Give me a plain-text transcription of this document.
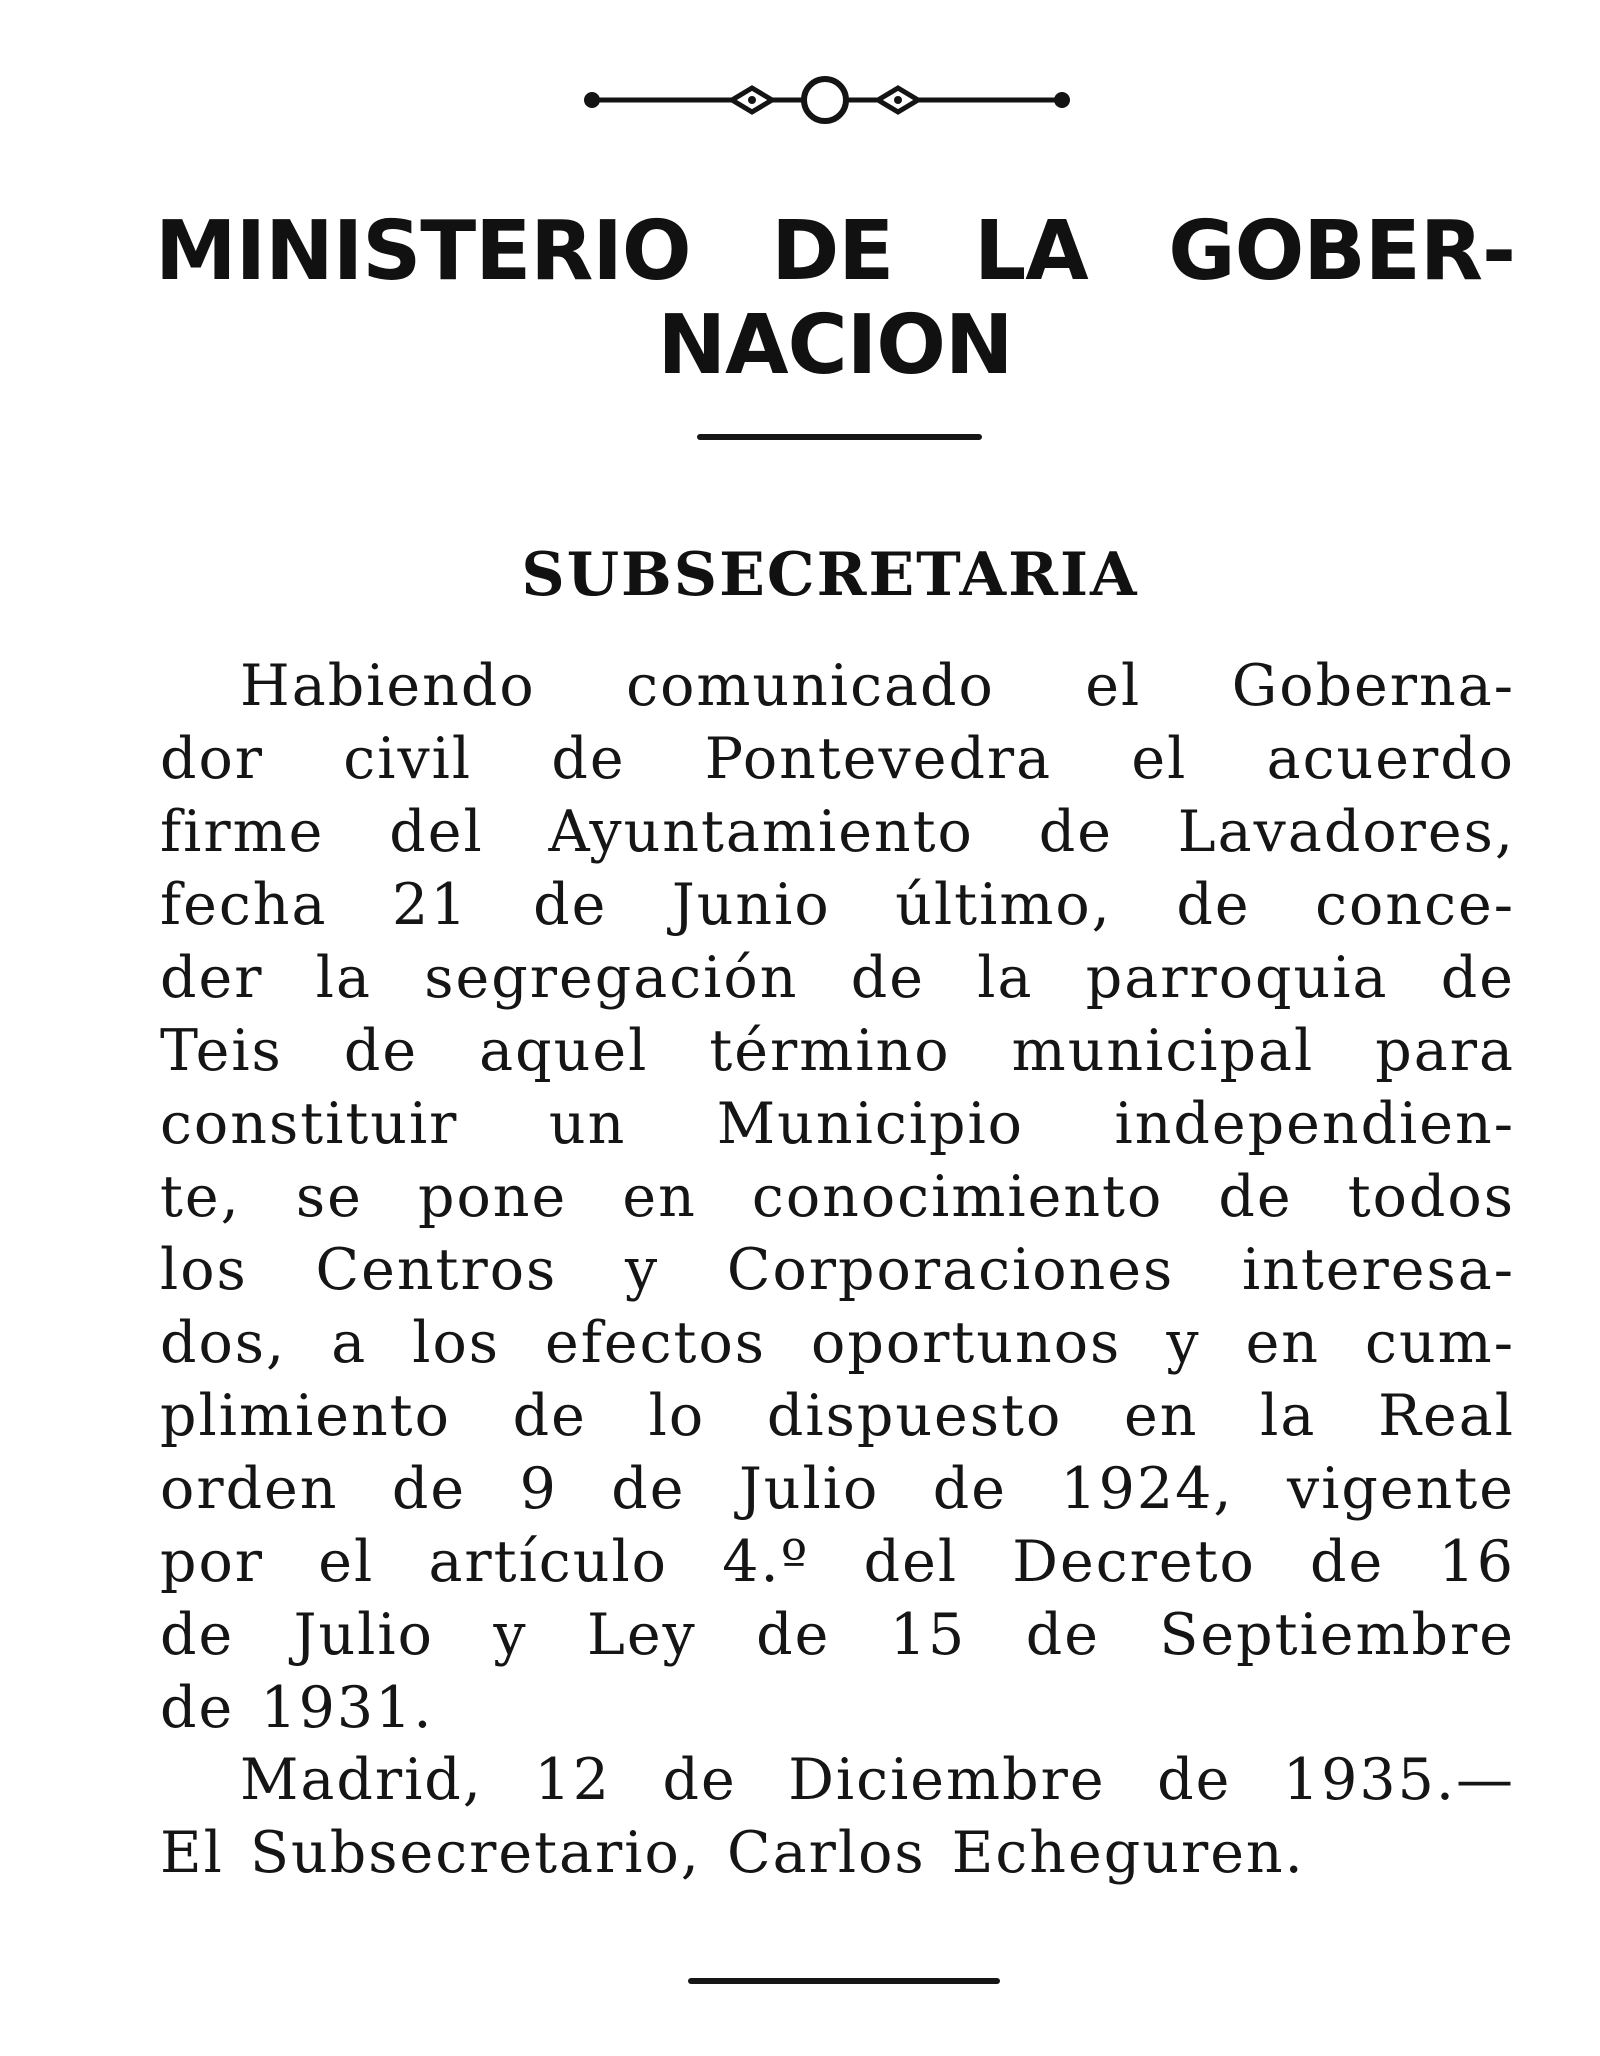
MINISTERIO DE LA GOBER-
NACION
SUBSECRETARIA

Habiendo comunicado el Goberna-
dor civil de Pontevedra el acuerdo
firme del Ayuntamiento de Lavadores,
fecha 21 de Junio último, de conce-
der la segregación de la parroquia de
Teis de aquel término municipal para
constituir un Municipio independien-
te, se pone en conocimiento de todos
los Centros y Corporaciones interesa-
dos, a los efectos oportunos y en cum-
plimiento de lo dispuesto en la Real
orden de 9 de Julio de 1924, vigente
por el artículo 4.º del Decreto de 16
de Julio y Ley de 15 de Septiembre
de 1931.

Madrid, 12 de Diciembre de 1935.—
El Subsecretario, Carlos Echeguren.
